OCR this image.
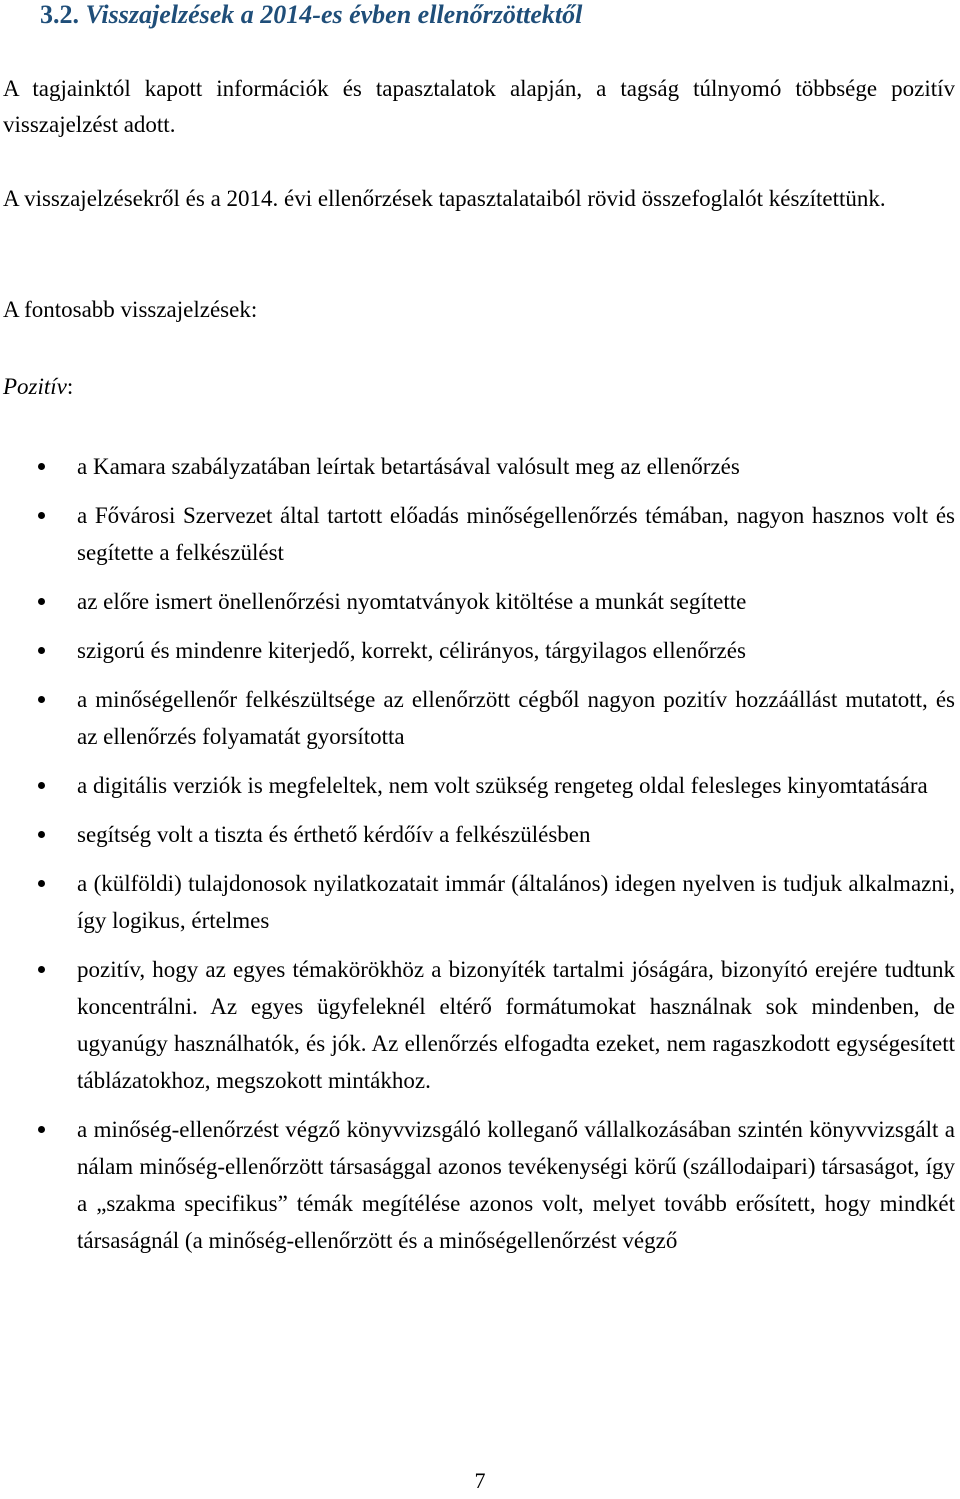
3.2. Visszajelzések a 2014-es évben ellenőrzöttektől
A tagjainktól kapott információk és tapasztalatok alapján, a tagság túlnyomó többsége pozitív visszajelzést adott.
A visszajelzésekről és a 2014. évi ellenőrzések tapasztalataiból rövid összefoglalót készítettünk.
A fontosabb visszajelzések:
Pozitív:
a Kamara szabályzatában leírtak betartásával valósult meg az ellenőrzés
a Fővárosi Szervezet által tartott előadás minőségellenőrzés témában, nagyon hasznos volt és segítette a felkészülést
az előre ismert önellenőrzési nyomtatványok kitöltése a munkát segítette
szigorú és mindenre kiterjedő, korrekt, célirányos, tárgyilagos ellenőrzés
a minőségellenőr felkészültsége az ellenőrzött cégből nagyon pozitív hozzáállást mutatott, és az ellenőrzés folyamatát gyorsította
a digitális verziók is megfeleltek, nem volt szükség rengeteg oldal felesleges kinyomtatására
segítség volt a tiszta és érthető kérdőív a felkészülésben
a (külföldi) tulajdonosok nyilatkozatait immár (általános) idegen nyelven is tudjuk alkalmazni, így logikus, értelmes
pozitív, hogy az egyes témakörökhöz a bizonyíték tartalmi jóságára, bizonyító erejére tudtunk koncentrálni. Az egyes ügyfeleknél eltérő formátumokat használnak sok mindenben, de ugyanúgy használhatók, és jók. Az ellenőrzés elfogadta ezeket, nem ragaszkodott egységesített táblázatokhoz, megszokott mintákhoz.
a minőség-ellenőrzést végző könyvvizsgáló kolleganő vállalkozásában szintén könyvvizsgált a nálam minőség-ellenőrzött társasággal azonos tevékenységi körű (szállodaipari) társaságot, így a „szakma specifikus” témák megítélése azonos volt, melyet tovább erősített, hogy mindkét társaságnál (a minőség-ellenőrzött és a minőségellenőrzést végző
7
